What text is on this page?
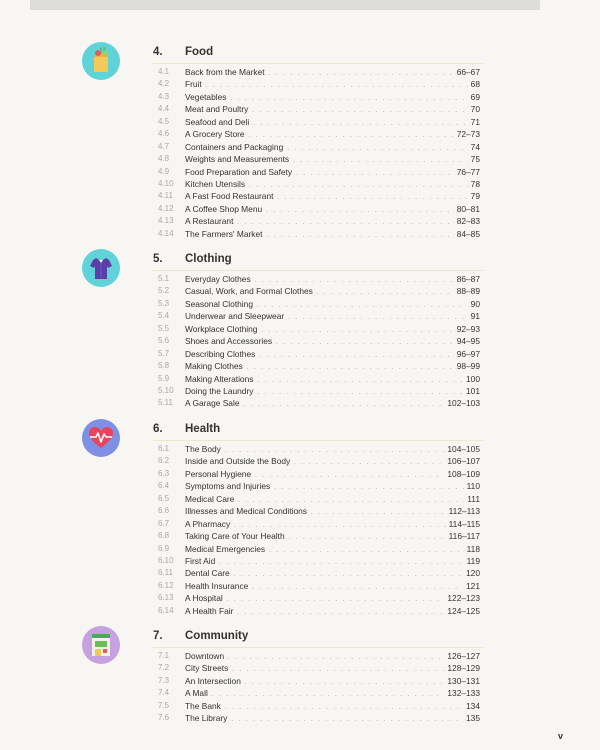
4. Food
4.1 Back from the Market . . .	66–67
4.2 Fruit . . .	68
4.3 Vegetables . . .	69
4.4 Meat and Poultry . . .	70
4.5 Seafood and Deli . . .	71
4.6 A Grocery Store . . .	72–73
4.7 Containers and Packaging . . .	74
4.8 Weights and Measurements . . .	75
4.9 Food Preparation and Safety . . .	76–77
4.10 Kitchen Utensils . . .	78
4.11 A Fast Food Restaurant . . .	79
4.12 A Coffee Shop Menu . . .	80–81
4.13 A Restaurant . . .	82–83
4.14 The Farmers' Market . . .	84–85
5. Clothing
5.1 Everyday Clothes . . .	86–87
5.2 Casual, Work, and Formal Clothes . . .	88–89
5.3 Seasonal Clothing . . .	90
5.4 Underwear and Sleepwear . . .	91
5.5 Workplace Clothing . . .	92–93
5.6 Shoes and Accessories . . .	94–95
5.7 Describing Clothes . . .	96–97
5.8 Making Clothes . . .	98–99
5.9 Making Alterations . . .	100
5.10 Doing the Laundry . . .	101
5.11 A Garage Sale . . .	102–103
6. Health
6.1 The Body . . .	104–105
6.2 Inside and Outside the Body . . .	106–107
6.3 Personal Hygiene . . .	108–109
6.4 Symptoms and Injuries . . .	110
6.5 Medical Care . . .	111
6.6 Illnesses and Medical Conditions . . .	112–113
6.7 A Pharmacy . . .	114–115
6.8 Taking Care of Your Health . . .	116–117
6.9 Medical Emergencies . . .	118
6.10 First Aid . . .	119
6.11 Dental Care . . .	120
6.12 Health Insurance . . .	121
6.13 A Hospital . . .	122–123
6.14 A Health Fair . . .	124–125
7. Community
7.1 Downtown . . .	126–127
7.2 City Streets . . .	128–129
7.3 An Intersection . . .	130–131
7.4 A Mall . . .	132–133
7.5 The Bank . . .	134
7.6 The Library . . .	135
v
